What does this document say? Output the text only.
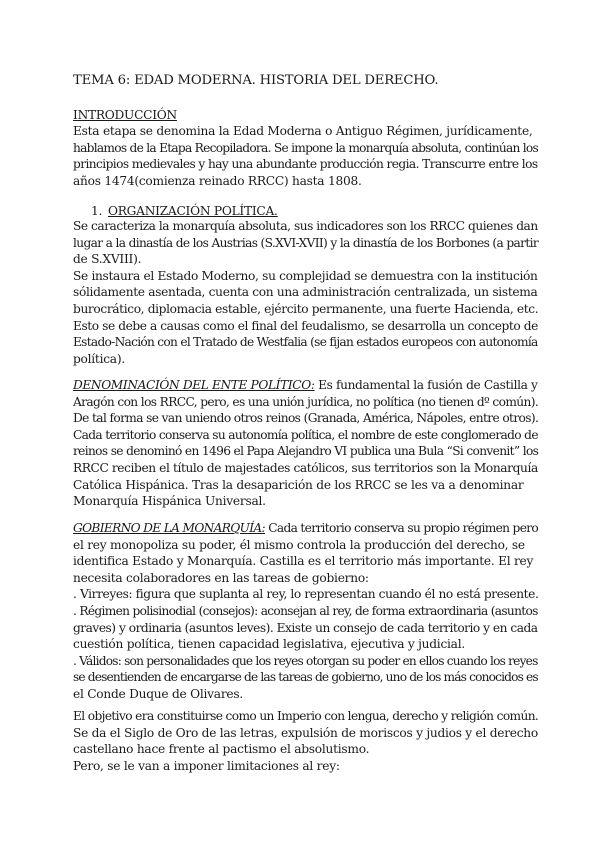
TEMA 6: EDAD MODERNA. HISTORIA DEL DERECHO.
INTRODUCCIÓN
Esta etapa se denomina la Edad Moderna o Antiguo Régimen, jurídicamente,
hablamos de la Etapa Recopiladora. Se impone la monarquía absoluta, continúan los
principios medievales y hay una abundante producción regia. Transcurre entre los
años 1474(comienza reinado RRCC) hasta 1808.
1. ORGANIZACIÓN POLÍTICA.
Se caracteriza la monarquía absoluta, sus indicadores son los RRCC quienes dan
lugar a la dinastía de los Austrias (S.XVI-XVII) y la dinastía de los Borbones (a partir
de S.XVIII).
Se instaura el Estado Moderno, su complejidad se demuestra con la institución
sólidamente asentada, cuenta con una administración centralizada, un sistema
burocrático, diplomacia estable, ejército permanente, una fuerte Hacienda, etc.
Esto se debe a causas como el final del feudalismo, se desarrolla un concepto de
Estado-Nación con el Tratado de Westfalia (se fijan estados europeos con autonomía
política).
DENOMINACIÓN DEL ENTE POLÍTICO: Es fundamental la fusión de Castilla y
Aragón con los RRCC, pero, es una unión jurídica, no política (no tienen dº común).
De tal forma se van uniendo otros reinos (Granada, América, Nápoles, entre otros).
Cada territorio conserva su autonomía política, el nombre de este conglomerado de
reinos se denominó en 1496 el Papa Alejandro VI publica una Bula “Si convenit” los
RRCC reciben el título de majestades católicos, sus territorios son la Monarquía
Católica Hispánica. Tras la desaparición de los RRCC se les va a denominar
Monarquía Hispánica Universal.
GOBIERNO DE LA MONARQUÍA: Cada territorio conserva su propio régimen pero
el rey monopoliza su poder, él mismo controla la producción del derecho, se
identifica Estado y Monarquía. Castilla es el territorio más importante. El rey
necesita colaboradores en las tareas de gobierno:
. Virreyes: figura que suplanta al rey, lo representan cuando él no está presente.
. Régimen polisinodial (consejos): aconsejan al rey, de forma extraordinaria (asuntos
graves) y ordinaria (asuntos leves). Existe un consejo de cada territorio y en cada
cuestión política, tienen capacidad legislativa, ejecutiva y judicial.
. Válidos: son personalidades que los reyes otorgan su poder en ellos cuando los reyes
se desentienden de encargarse de las tareas de gobierno, uno de los más conocidos es
el Conde Duque de Olivares.
El objetivo era constituirse como un Imperio con lengua, derecho y religión común.
Se da el Siglo de Oro de las letras, expulsión de moriscos y judios y el derecho
castellano hace frente al pactismo el absolutismo.
Pero, se le van a imponer limitaciones al rey:
